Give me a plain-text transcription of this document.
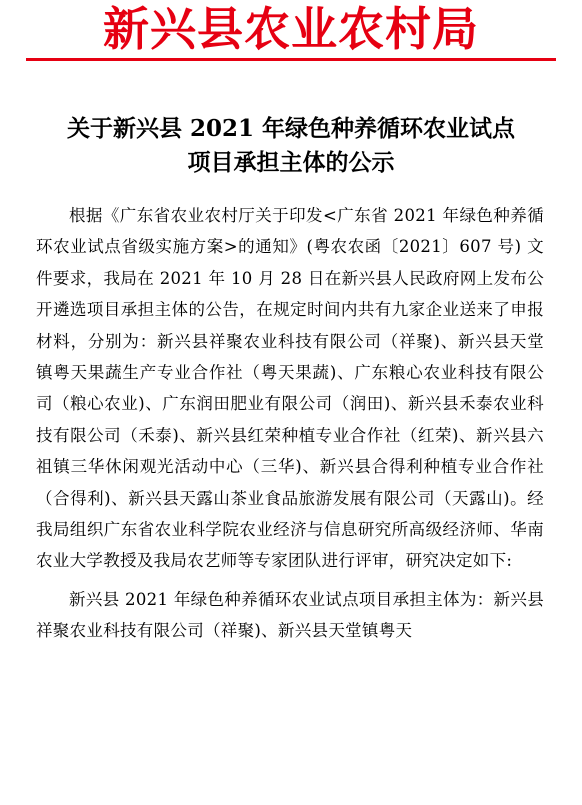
新兴县农业农村局
关于新兴县 2021 年绿色种养循环农业试点
项目承担主体的公示

根据《广东省农业农村厅关于印发<广东省 2021 年绿色种养循环农业试点省级实施方案>的通知》(粤农农函〔2021〕607 号) 文件要求，我局在 2021 年 10 月 28 日在新兴县人民政府网上发布公开遴选项目承担主体的公告，在规定时间内共有九家企业送来了申报材料，分别为：新兴县祥聚农业科技有限公司（祥聚)、新兴县天堂镇粤天果蔬生产专业合作社（粤天果蔬)、广东粮心农业科技有限公司（粮心农业)、广东润田肥业有限公司（润田)、新兴县禾泰农业科技有限公司（禾泰)、新兴县红荣种植专业合作社（红荣)、新兴县六祖镇三华休闲观光活动中心（三华)、新兴县合得利种植专业合作社（合得利)、新兴县天露山茶业食品旅游发展有限公司（天露山)。经我局组织广东省农业科学院农业经济与信息研究所高级经济师、华南农业大学教授及我局农艺师等专家团队进行评审，研究决定如下:

新兴县 2021 年绿色种养循环农业试点项目承担主体为：新兴县祥聚农业科技有限公司（祥聚)、新兴县天堂镇粤天
